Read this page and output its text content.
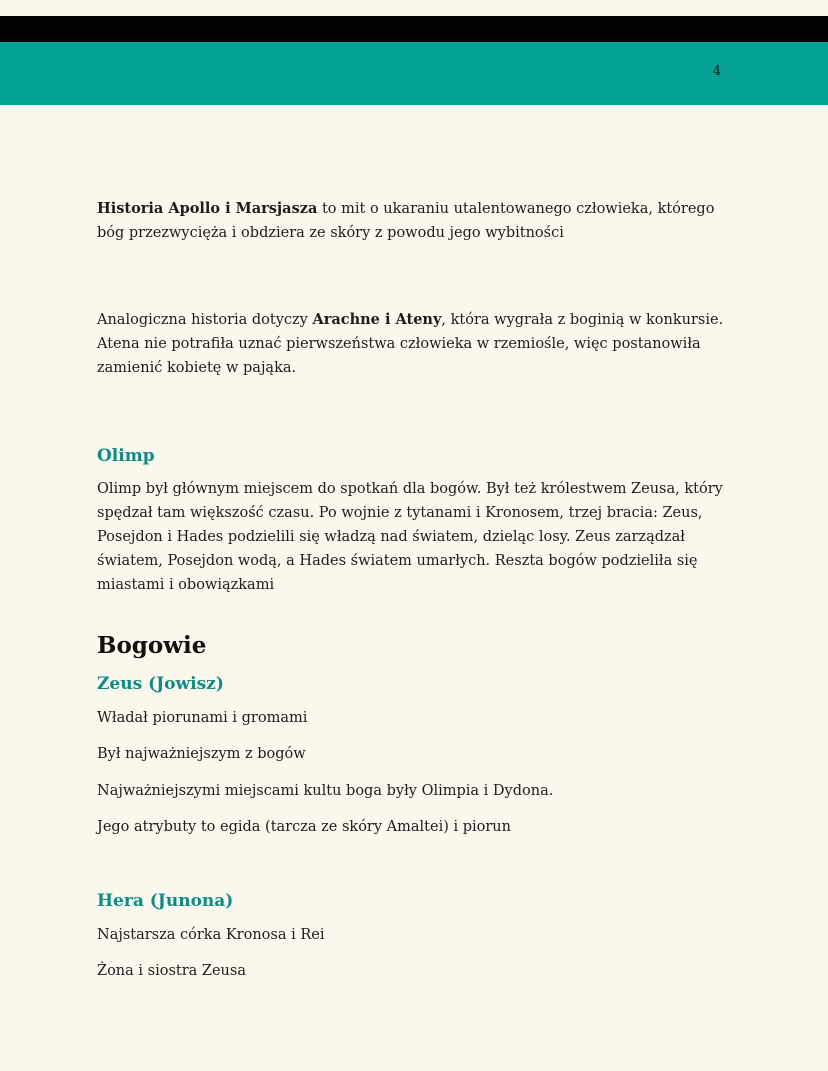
4

Historia Apollo i Marsjasza to mit o ukaraniu utalentowanego człowieka, którego bóg przezwycięża i obdziera ze skóry z powodu jego wybitności

Analogiczna historia dotyczy Arachne i Ateny, która wygrała z boginią w konkursie. Atena nie potrafiła uznać pierwszeństwa człowieka w rzemiośle, więc postanowiła zamienić kobietę w pająka.

Olimp

Olimp był głównym miejscem do spotkań dla bogów. Był też królestwem Zeusa, który spędzał tam większość czasu. Po wojnie z tytanami i Kronosem, trzej bracia: Zeus, Posejdon i Hades podzielili się władzą nad światem, dzieląc losy. Zeus zarządzał światem, Posejdon wodą, a Hades światem umarłych. Reszta bogów podzieliła się miastami i obowiązkami

Bogowie
Zeus (Jowisz)

Władał piorunami i gromami

Był najważniejszym z bogów

Najważniejszymi miejscami kultu boga były Olimpia i Dydona.

Jego atrybuty to egida (tarcza ze skóry Amaltei) i piorun

Hera (Junona)

Najstarsza córka Kronosa i Rei

Żona i siostra Zeusa
